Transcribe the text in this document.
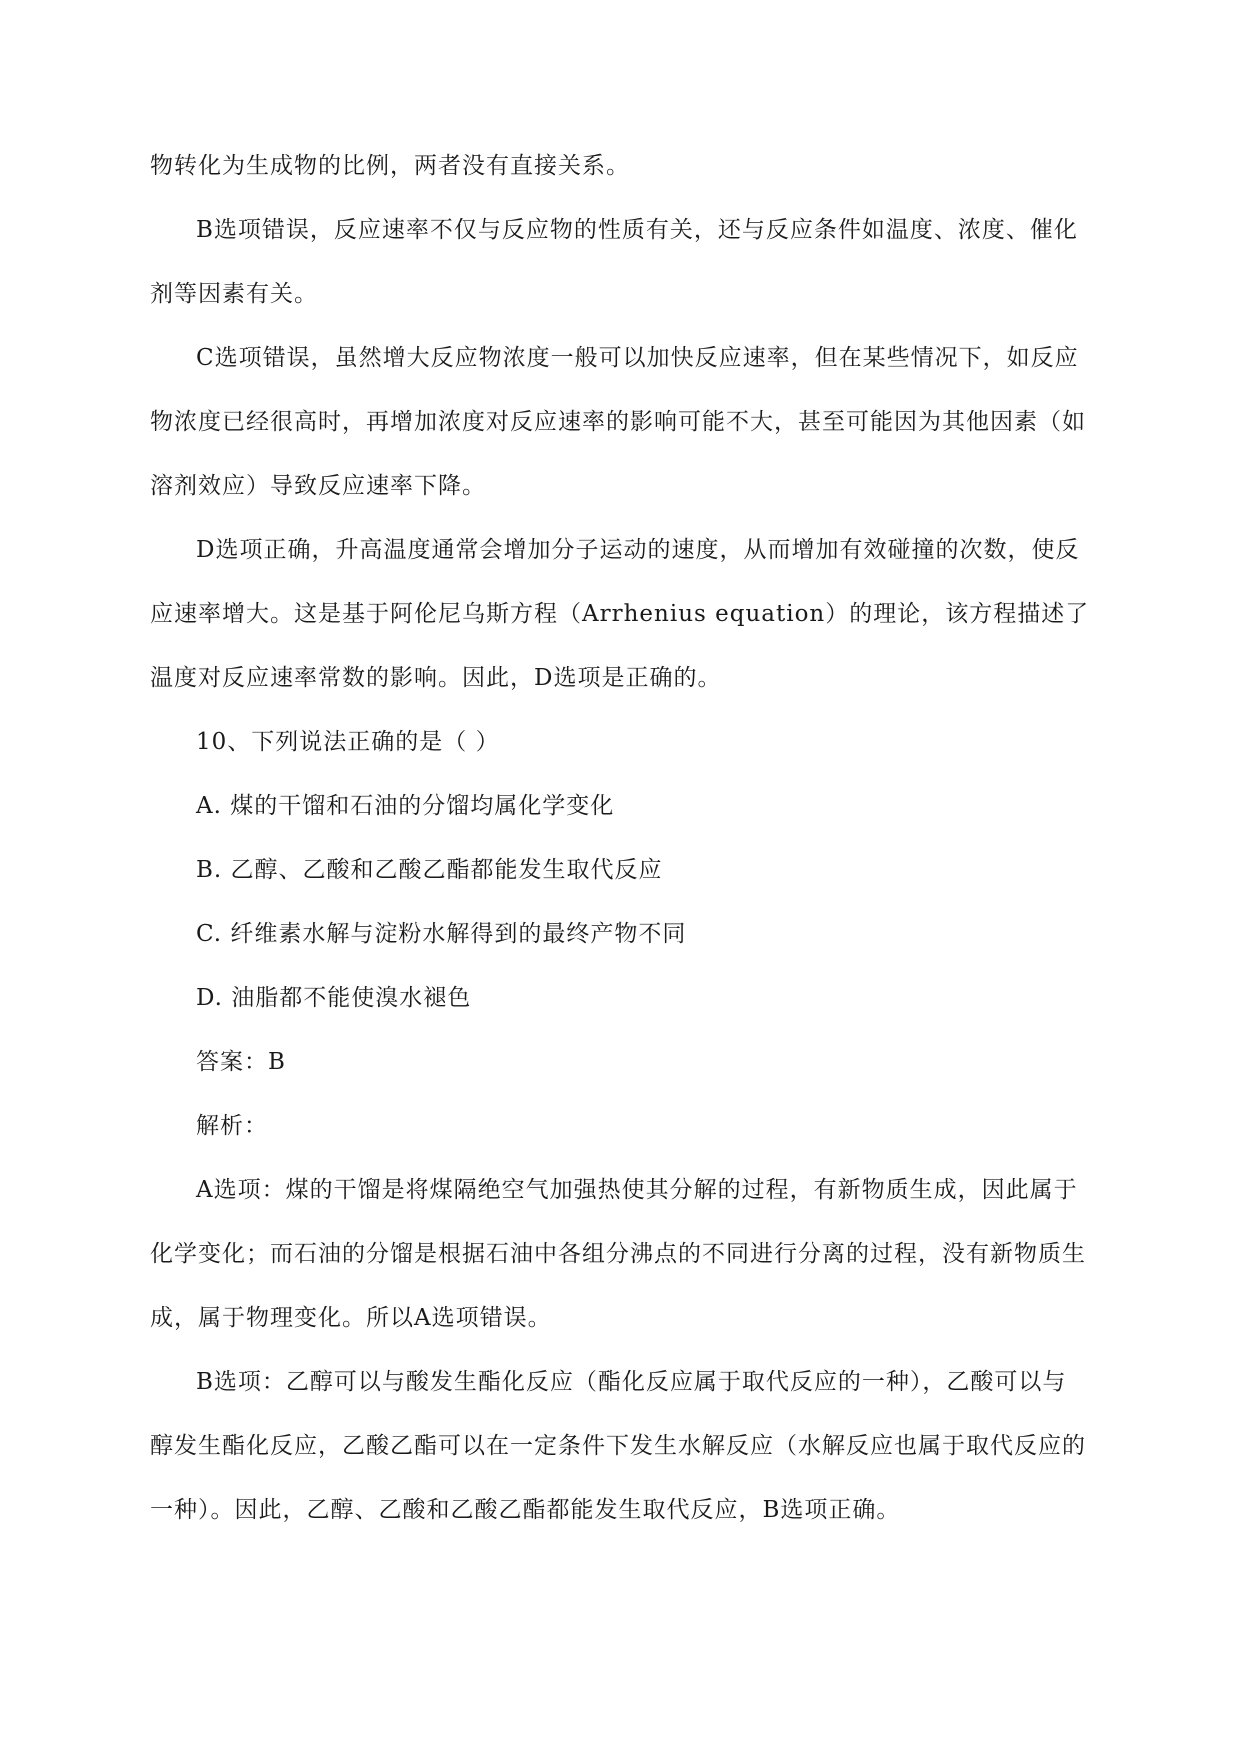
物转化为生成物的比例，两者没有直接关系。

B选项错误，反应速率不仅与反应物的性质有关，还与反应条件如温度、浓度、催化剂等因素有关。

C选项错误，虽然增大反应物浓度一般可以加快反应速率，但在某些情况下，如反应物浓度已经很高时，再增加浓度对反应速率的影响可能不大，甚至可能因为其他因素（如溶剂效应）导致反应速率下降。

D选项正确，升高温度通常会增加分子运动的速度，从而增加有效碰撞的次数，使反应速率增大。这是基于阿伦尼乌斯方程（Arrhenius equation）的理论，该方程描述了温度对反应速率常数的影响。因此，D选项是正确的。

10、下列说法正确的是（ ）

A. 煤的干馏和石油的分馏均属化学变化

B. 乙醇、乙酸和乙酸乙酯都能发生取代反应

C. 纤维素水解与淀粉水解得到的最终产物不同

D. 油脂都不能使溴水褪色

答案：B

解析：

A选项：煤的干馏是将煤隔绝空气加强热使其分解的过程，有新物质生成，因此属于化学变化；而石油的分馏是根据石油中各组分沸点的不同进行分离的过程，没有新物质生成，属于物理变化。所以A选项错误。

B选项：乙醇可以与酸发生酯化反应（酯化反应属于取代反应的一种），乙酸可以与醇发生酯化反应，乙酸乙酯可以在一定条件下发生水解反应（水解反应也属于取代反应的一种）。因此，乙醇、乙酸和乙酸乙酯都能发生取代反应，B选项正确。
